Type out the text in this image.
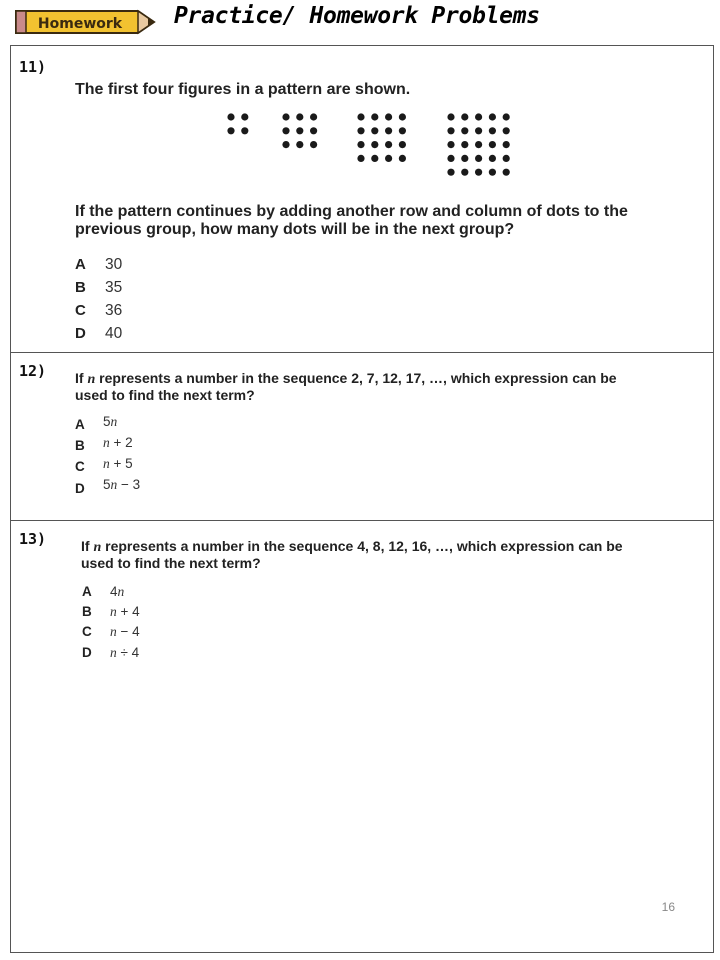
Homework Practice/ Homework Problems
11)
The first four figures in a pattern are shown.
If the pattern continues by adding another row and column of dots to the
previous group, how many dots will be in the next group?
A 30
B 35
C 36
D 40
12) If n represents a number in the sequence 2, 7, 12, 17, …, which expression can be
used to find the next term?
A 5n
B n + 2
C n + 5
D 5n − 3
13) If n represents a number in the sequence 4, 8, 12, 16, …, which expression can be
used to find the next term?
A 4n
B n + 4
C n − 4
D n ÷ 4
16
